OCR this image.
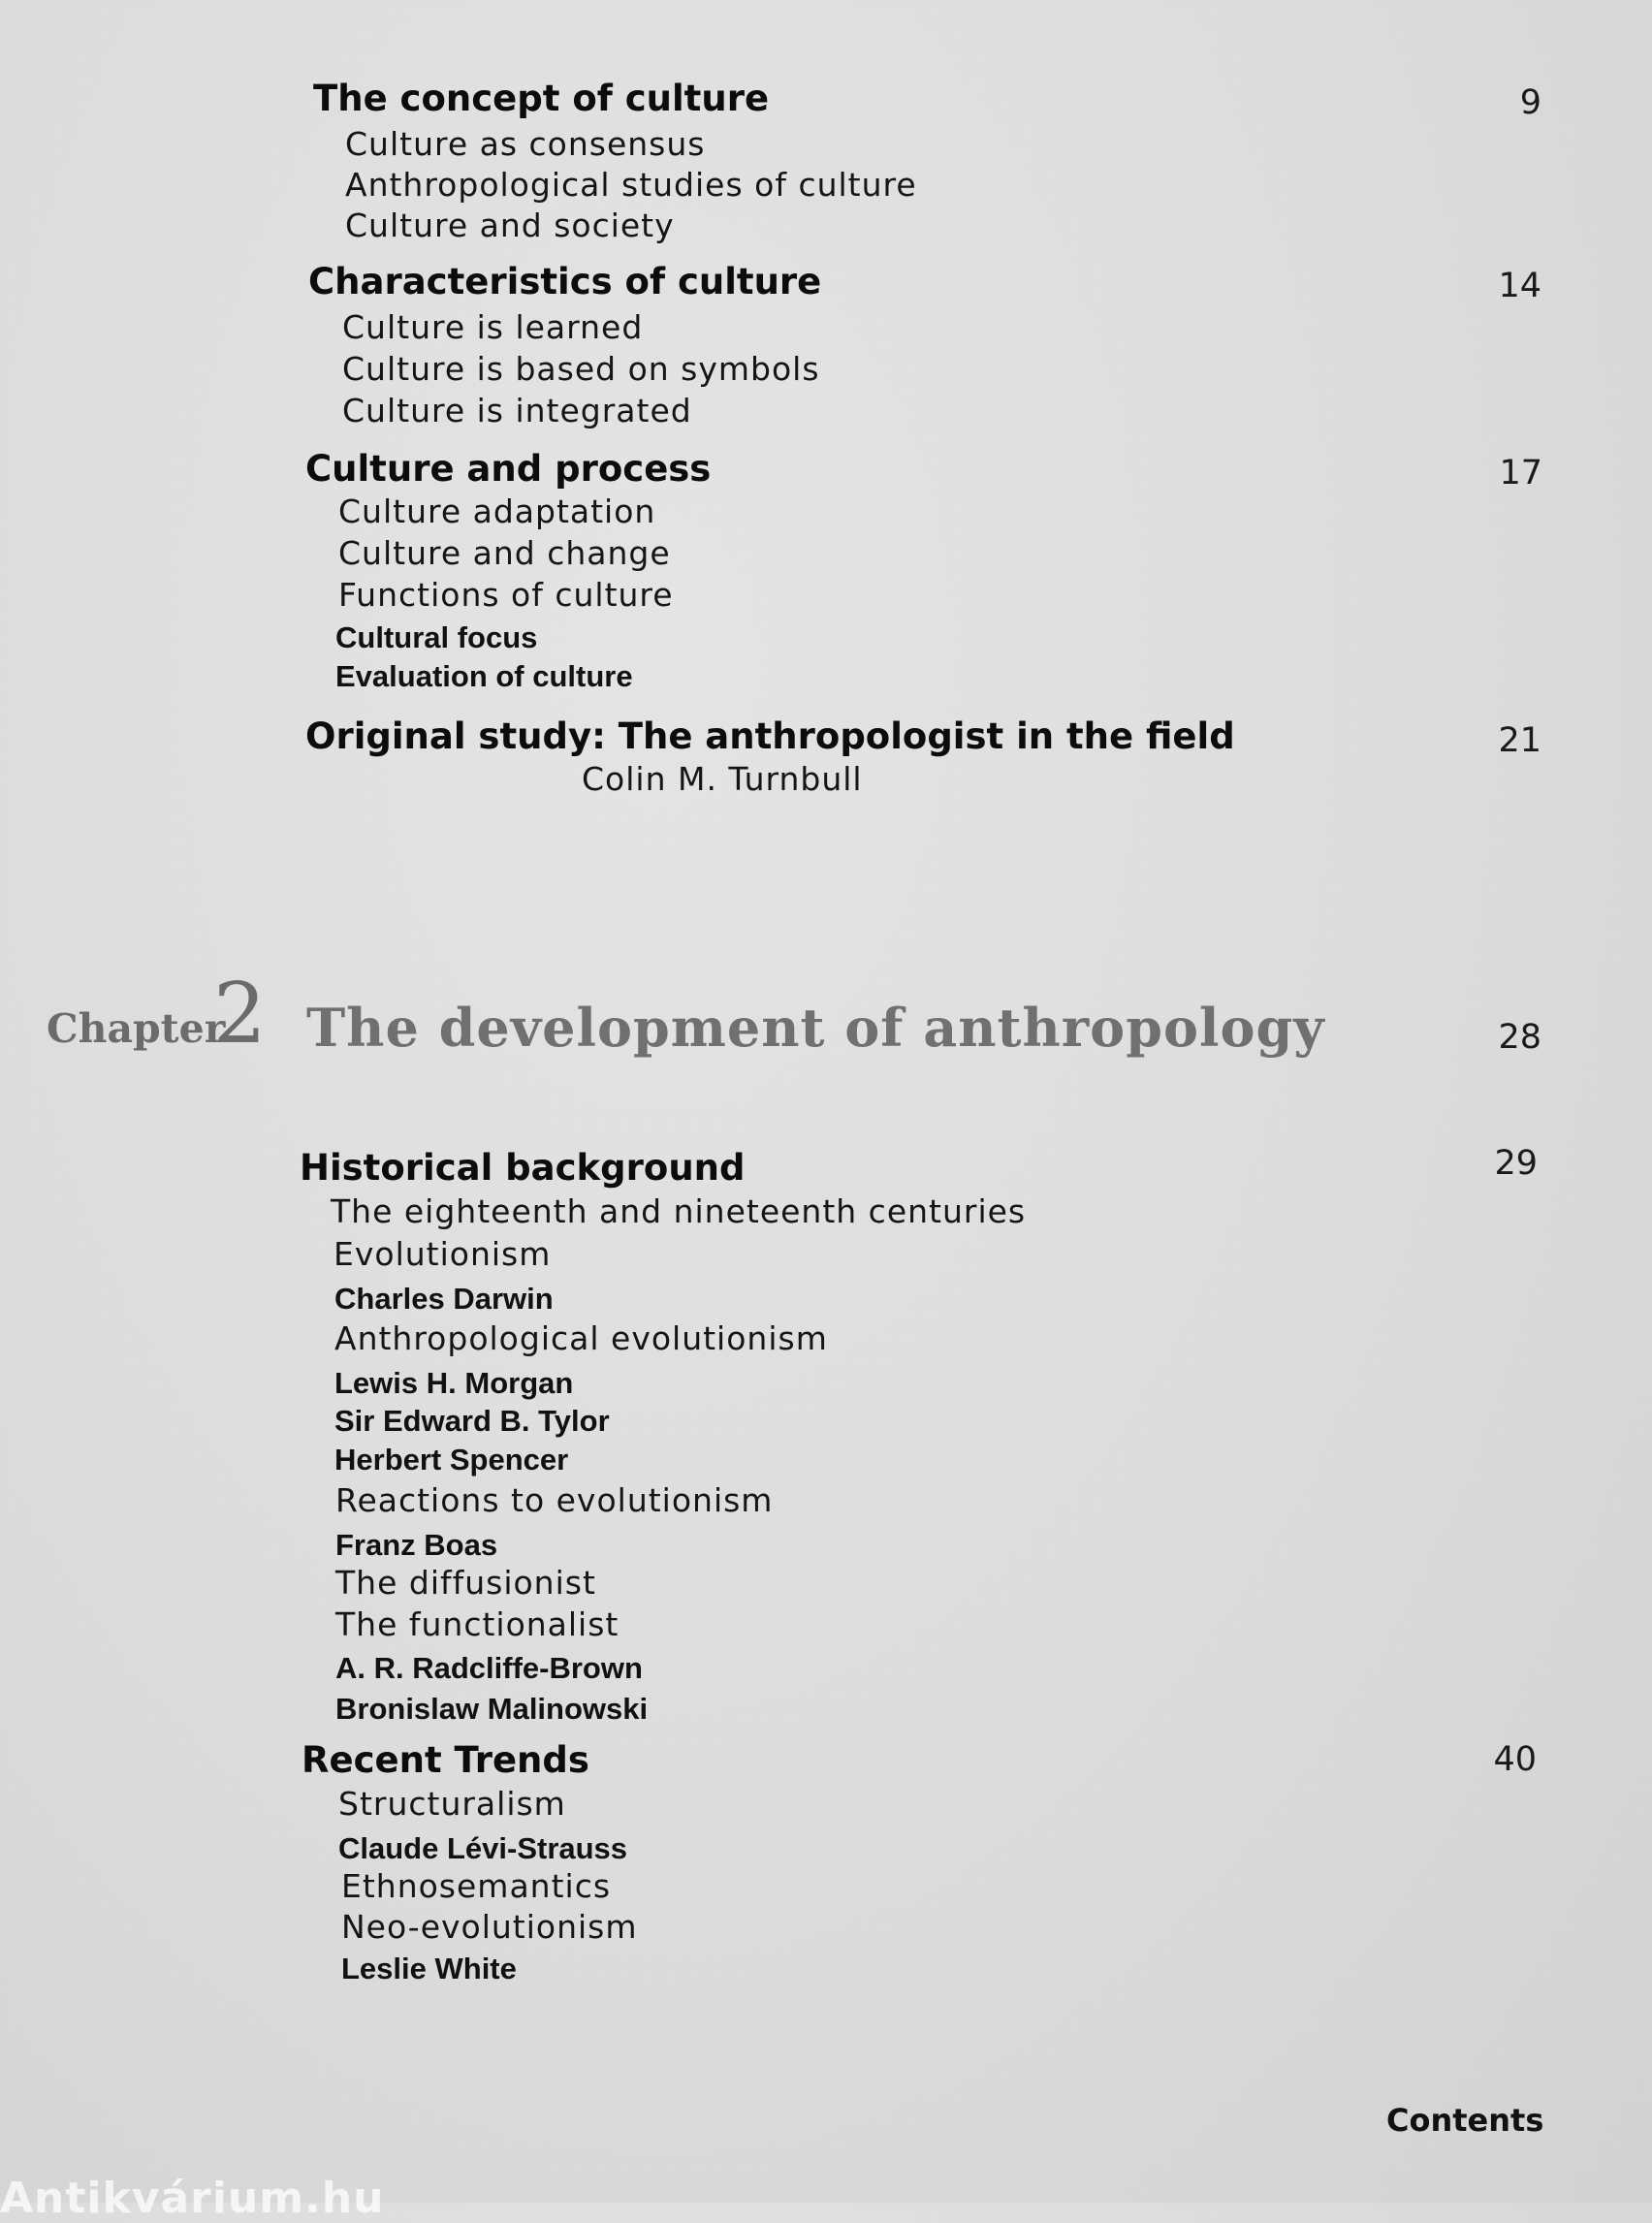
The concept of culture	9
Culture as consensus
Anthropological studies of culture
Culture and society
Characteristics of culture	14
Culture is learned
Culture is based on symbols
Culture is integrated
Culture and process	17
Culture adaptation
Culture and change
Functions of culture
Cultural focus
Evaluation of culture
Original study: The anthropologist in the field	21
Colin M. Turnbull
Chapter
2 The development of anthropology	28
Historical background	29
The eighteenth and nineteenth centuries
Evolutionism
Charles Darwin
Anthropological evolutionism
Lewis H. Morgan
Sir Edward B. Tylor
Herbert Spencer
Reactions to evolutionism
Franz Boas
The diffusionist
The functionalist
A. R. Radcliffe-Brown
Bronislaw Malinowski
Recent Trends	40
Structuralism
Claude Lévi-Strauss
Ethnosemantics
Neo-evolutionism
Leslie White
Contents
Antikvárium.hu
